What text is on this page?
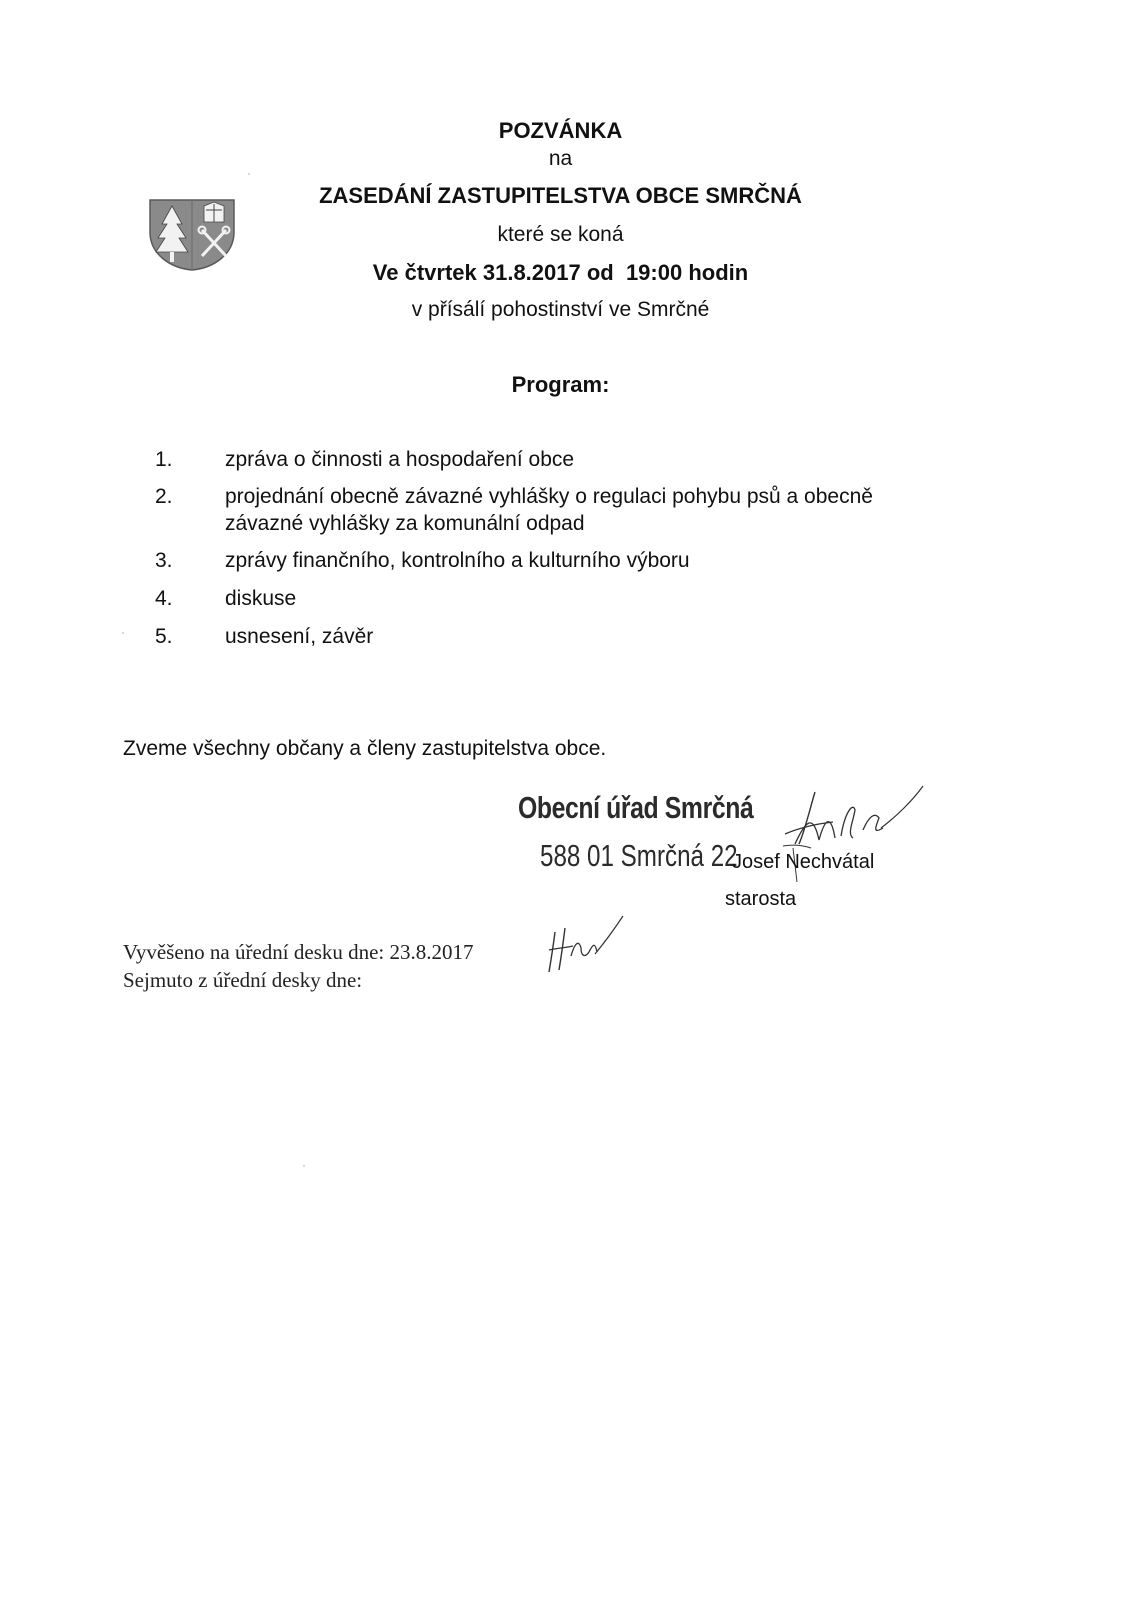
POZVÁNKA
na
ZASEDÁNÍ ZASTUPITELSTVA OBCE SMRČNÁ
které se koná
Ve čtvrtek 31.8.2017 od  19:00 hodin
v přísálí pohostinství ve Smrčné
Program:
1. zpráva o činnosti a hospodaření obce
2. projednání obecně závazné vyhlášky o regulaci pohybu psů a obecně závazné vyhlášky za komunální odpad
3. zprávy finančního, kontrolního a kulturního výboru
4. diskuse
5. usnesení, závěr
Zveme všechny občany a členy zastupitelstva obce.
Obecní úřad Smrčná
588 01 Smrčná 22
Josef Nechvátal
starosta
Vyvěšeno na úřední desku dne: 23.8.2017
Sejmuto z úřední desky dne:
